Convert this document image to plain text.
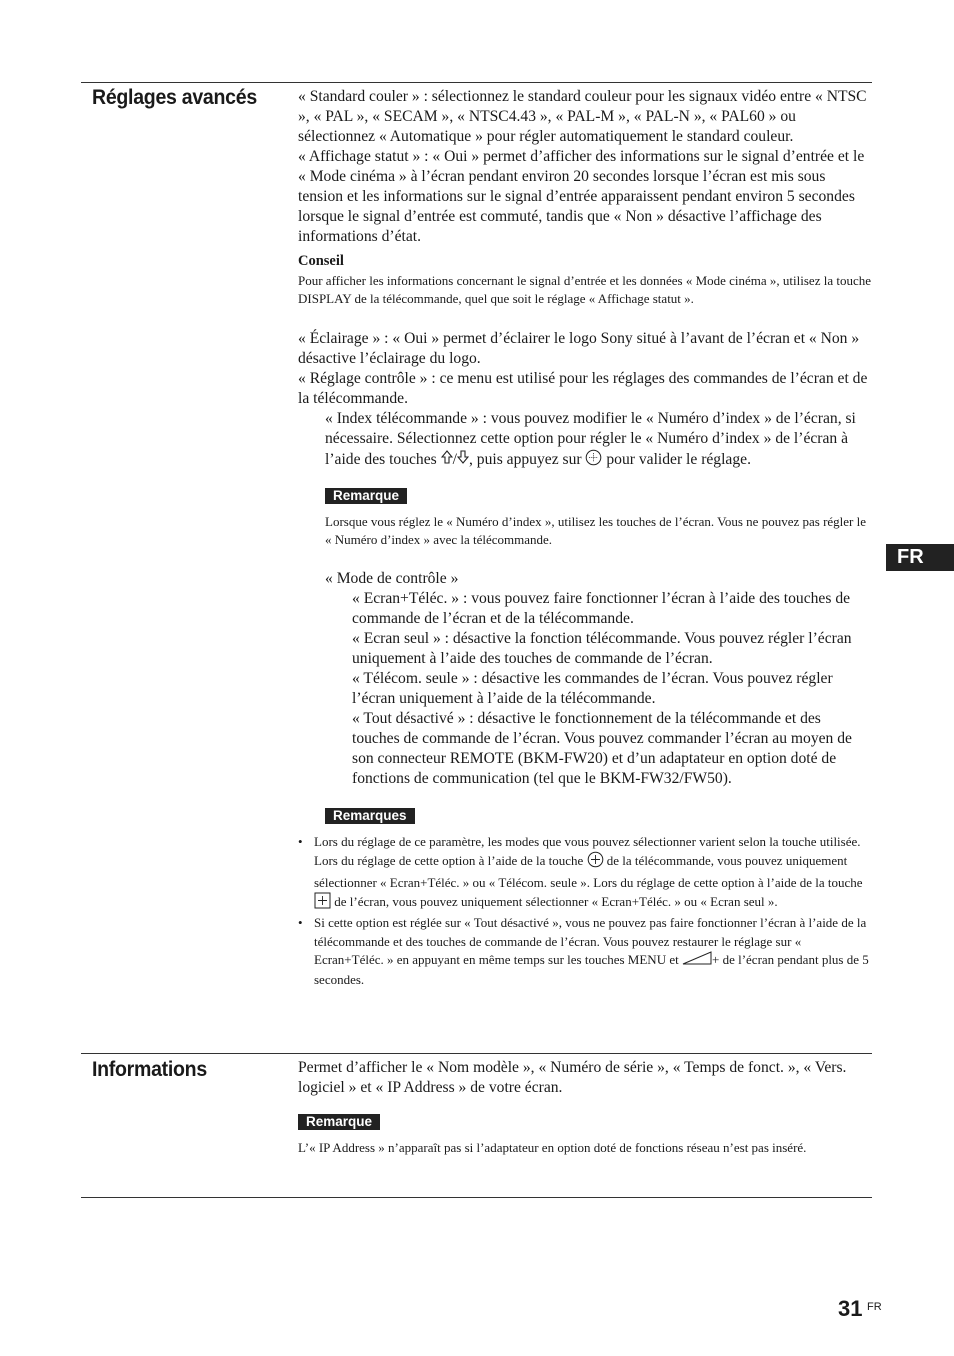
Réglages avancés	« Standard couler » : sélectionnez le standard couleur pour les signaux vidéo entre « NTSC », « PAL », « SECAM », « NTSC4.43 », « PAL-M », « PAL-N », « PAL60 » ou sélectionnez « Automatique » pour régler automatiquement le standard couleur.

« Affichage statut » : « Oui » permet d’afficher des informations sur le signal d’entrée et le « Mode cinéma » à l’écran pendant environ 20 secondes lorsque l’écran est mis sous tension et les informations sur le signal d’entrée apparaissent pendant environ 5 secondes lorsque le signal d’entrée est commuté, tandis que « Non » désactive l’affichage des informations d’état.

Conseil

Pour afficher les informations concernant le signal d’entrée et les données « Mode cinéma », utilisez la touche DISPLAY de la télécommande, quel que soit le réglage « Affichage statut ».

« Éclairage » : « Oui » permet d’éclairer le logo Sony situé à l’avant de l’écran et « Non » désactive l’éclairage du logo.

« Réglage contrôle » : ce menu est utilisé pour les réglages des commandes de l’écran et de la télécommande.

« Index télécommande » : vous pouvez modifier le « Numéro d’index » de l’écran, si nécessaire. Sélectionnez cette option pour régler le « Numéro d’index » de l’écran à l’aide des touches / , puis appuyez sur  pour valider le réglage.

Remarque

Lorsque vous réglez le « Numéro d’index », utilisez les touches de l’écran. Vous ne pouvez pas régler le « Numéro d’index » avec la télécommande.

« Mode de contrôle »

« Ecran+Téléc. » : vous pouvez faire fonctionner l’écran à l’aide des touches de commande de l’écran et de la télécommande.

« Ecran seul » : désactive la fonction télécommande. Vous pouvez régler l’écran uniquement à l’aide des touches de commande de l’écran.

« Télécom. seule » : désactive les commandes de l’écran. Vous pouvez régler l’écran uniquement à l’aide de la télécommande.

« Tout désactivé » : désactive le fonctionnement de la télécommande et des touches de commande de l’écran. Vous pouvez commander l’écran au moyen de son connecteur REMOTE (BKM-FW20) et d’un adaptateur en option doté de fonctions de communication (tel que le BKM-FW32/FW50).

Remarques
• Lors du réglage de ce paramètre, les modes que vous pouvez sélectionner varient selon la touche utilisée. Lors du réglage de cette option à l’aide de la touche  de la télécommande, vous pouvez uniquement sélectionner « Ecran+Téléc. » ou « Télécom. seule ». Lors du réglage de cette option à l’aide de la touche  de l’écran, vous pouvez uniquement sélectionner « Ecran+Téléc. » ou « Ecran seul ».
• Si cette option est réglée sur « Tout désactivé », vous ne pouvez pas faire fonctionner l’écran à l’aide de la télécommande et des touches de commande de l’écran. Vous pouvez restaurer le réglage sur « Ecran+Téléc. » en appuyant en même temps sur les touches MENU et + de l’écran pendant plus de 5 secondes.
Informations	Permet d’afficher le « Nom modèle », « Numéro de série », « Temps de fonct. », « Vers. logiciel » et « IP Address » de votre écran.

Remarque

L’« IP Address » n’apparaît pas si l’adaptateur en option doté de fonctions réseau n’est pas inséré.

FR
31 FR
